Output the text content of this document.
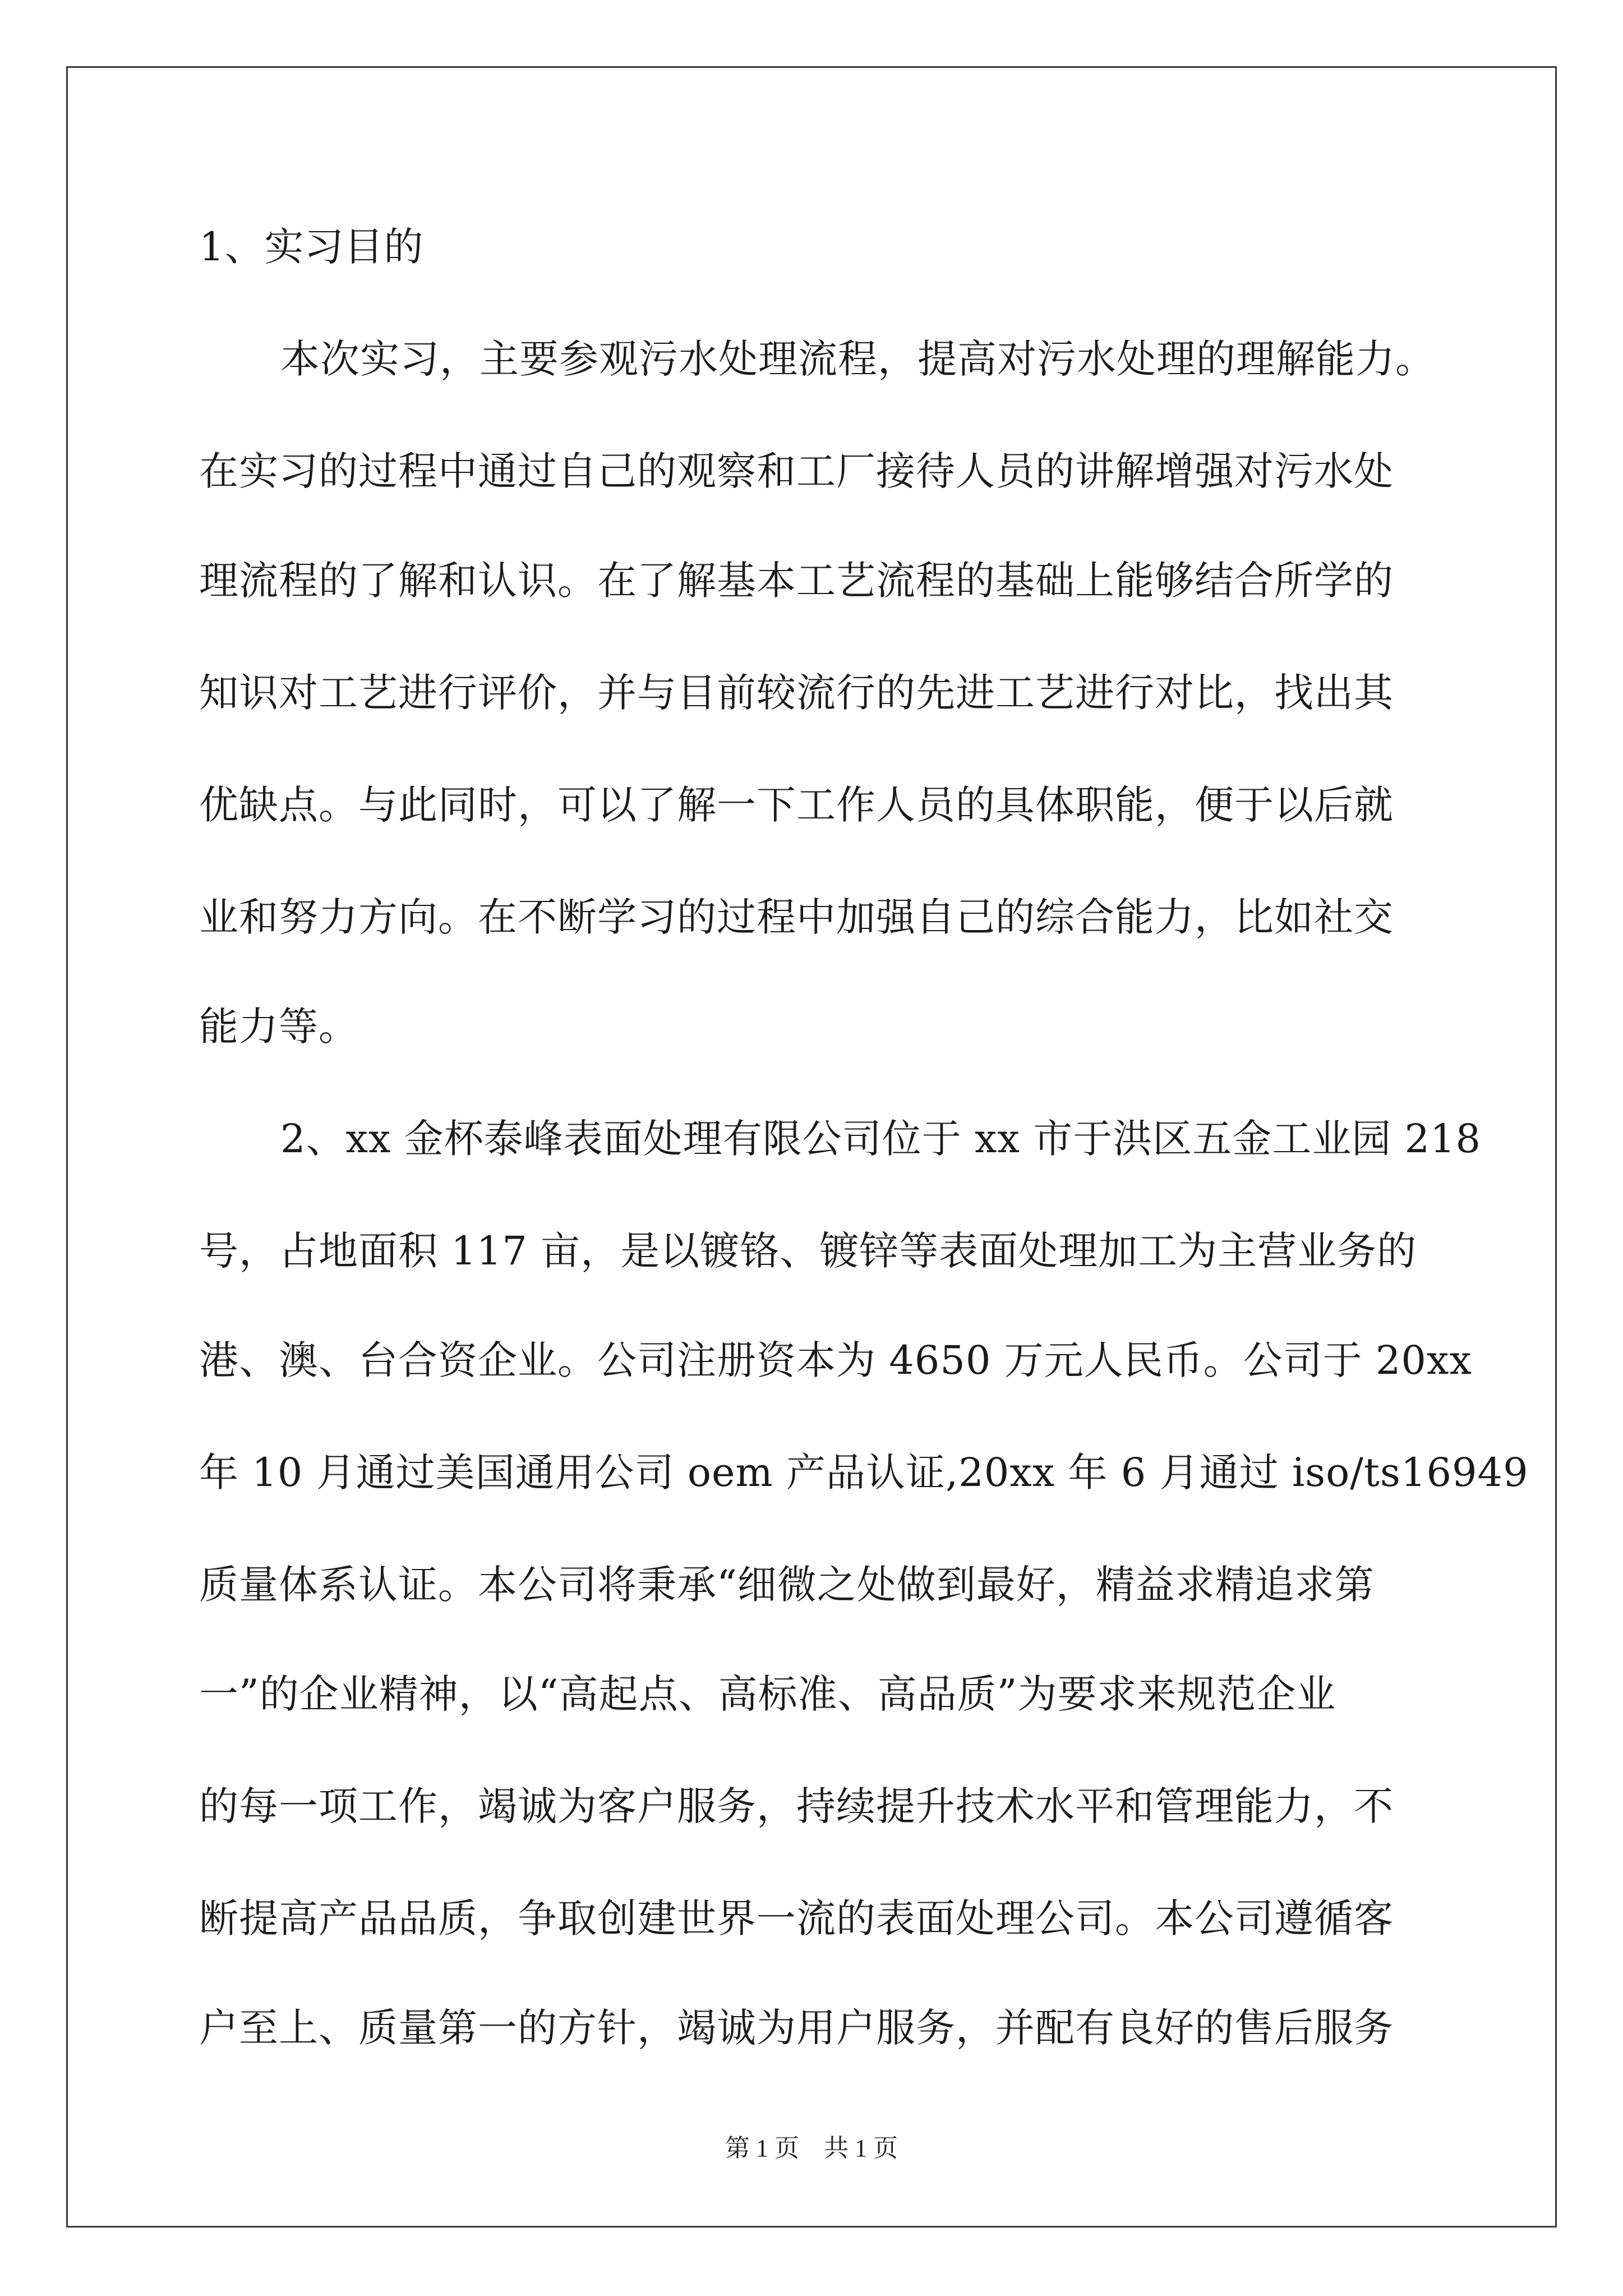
1、实习目的
本次实习，主要参观污水处理流程，提高对污水处理的理解能力。
在实习的过程中通过自己的观察和工厂接待人员的讲解增强对污水处
理流程的了解和认识。在了解基本工艺流程的基础上能够结合所学的
知识对工艺进行评价，并与目前较流行的先进工艺进行对比，找出其
优缺点。与此同时，可以了解一下工作人员的具体职能，便于以后就
业和努力方向。在不断学习的过程中加强自己的综合能力，比如社交
能力等。
2、xx 金杯泰峰表面处理有限公司位于 xx 市于洪区五金工业园 218
号，占地面积 117 亩，是以镀铬、镀锌等表面处理加工为主营业务的
港、澳、台合资企业。公司注册资本为 4650 万元人民币。公司于 20xx
年 10 月通过美国通用公司 oem 产品认证,20xx 年 6 月通过 iso/ts16949
质量体系认证。本公司将秉承“细微之处做到最好，精益求精追求第
一”的企业精神，以“高起点、高标准、高品质”为要求来规范企业
的每一项工作，竭诚为客户服务，持续提升技术水平和管理能力，不
断提高产品品质，争取创建世界一流的表面处理公司。本公司遵循客
户至上、质量第一的方针，竭诚为用户服务，并配有良好的售后服务
第 1 页　共 1 页
